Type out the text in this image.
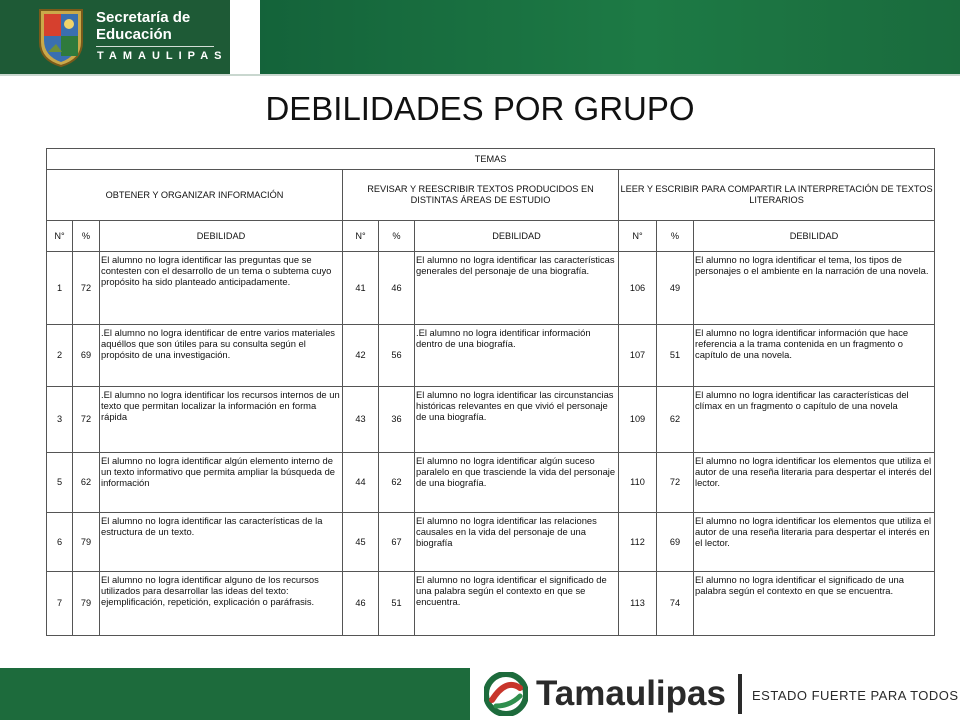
Secretaría de
Educación
TAMAULIPAS
DEBILIDADES POR GRUPO
TEMAS								
OBTENER Y ORGANIZAR INFORMACIÓN			REVISAR Y REESCRIBIR TEXTOS PRODUCIDOS EN DISTINTAS ÁREAS DE ESTUDIO			LEER Y ESCRIBIR PARA COMPARTIR LA INTERPRETACIÓN DE TEXTOS LITERARIOS		
N°	%	DEBILIDAD	N°	%	DEBILIDAD	N°	%	DEBILIDAD
1	72	El alumno no logra identificar las preguntas que se contesten con el desarrollo de un tema o subtema cuyo propósito ha sido planteado anticipadamente.	41	46	El alumno no logra identificar las características generales del personaje de una biografía.	106	49	El alumno no logra identificar el tema, los tipos de personajes o el ambiente en la narración de una novela.
2	69	.El alumno no logra identificar de entre varios materiales aquéllos que son útiles para su consulta según el propósito de una investigación.	42	56	.El alumno no logra identificar información dentro de una biografía.	107	51	El alumno no logra identificar información que hace referencia a la trama contenida en un fragmento o capítulo de una novela.
3	72	.El alumno no logra identificar los recursos internos de un texto que permitan localizar la información en forma rápida	43	36	El alumno no logra identificar las circunstancias históricas relevantes en que vivió el personaje de una biografía.	109	62	El alumno no logra identificar las características del clímax en un fragmento o capítulo de una novela
5	62	El alumno no logra identificar algún elemento interno de un texto informativo que permita ampliar la búsqueda de información	44	62	El alumno no logra identificar algún suceso paralelo en que trasciende la vida del personaje de una biografía.	110	72	El alumno no logra identificar los elementos que utiliza el autor de una reseña literaria para despertar el interés del lector.
6	79	El alumno no logra identificar las características de la estructura de un texto.	45	67	El alumno no logra identificar las relaciones causales en la vida del personaje de una biografía	112	69	El alumno no logra identificar los elementos que utiliza el autor de una reseña literaria para despertar el interés en el lector.
7	79	El alumno no logra identificar alguno de los recursos utilizados para desarrollar las ideas del texto: ejemplificación, repetición, explicación o paráfrasis.	46	51	El alumno no logra identificar el significado de una palabra según el contexto en que se encuentra.	113	74	El alumno no logra identificar el significado de una palabra según el contexto en que se encuentra.
Tamaulipas ESTADO FUERTE PARA TODOS
